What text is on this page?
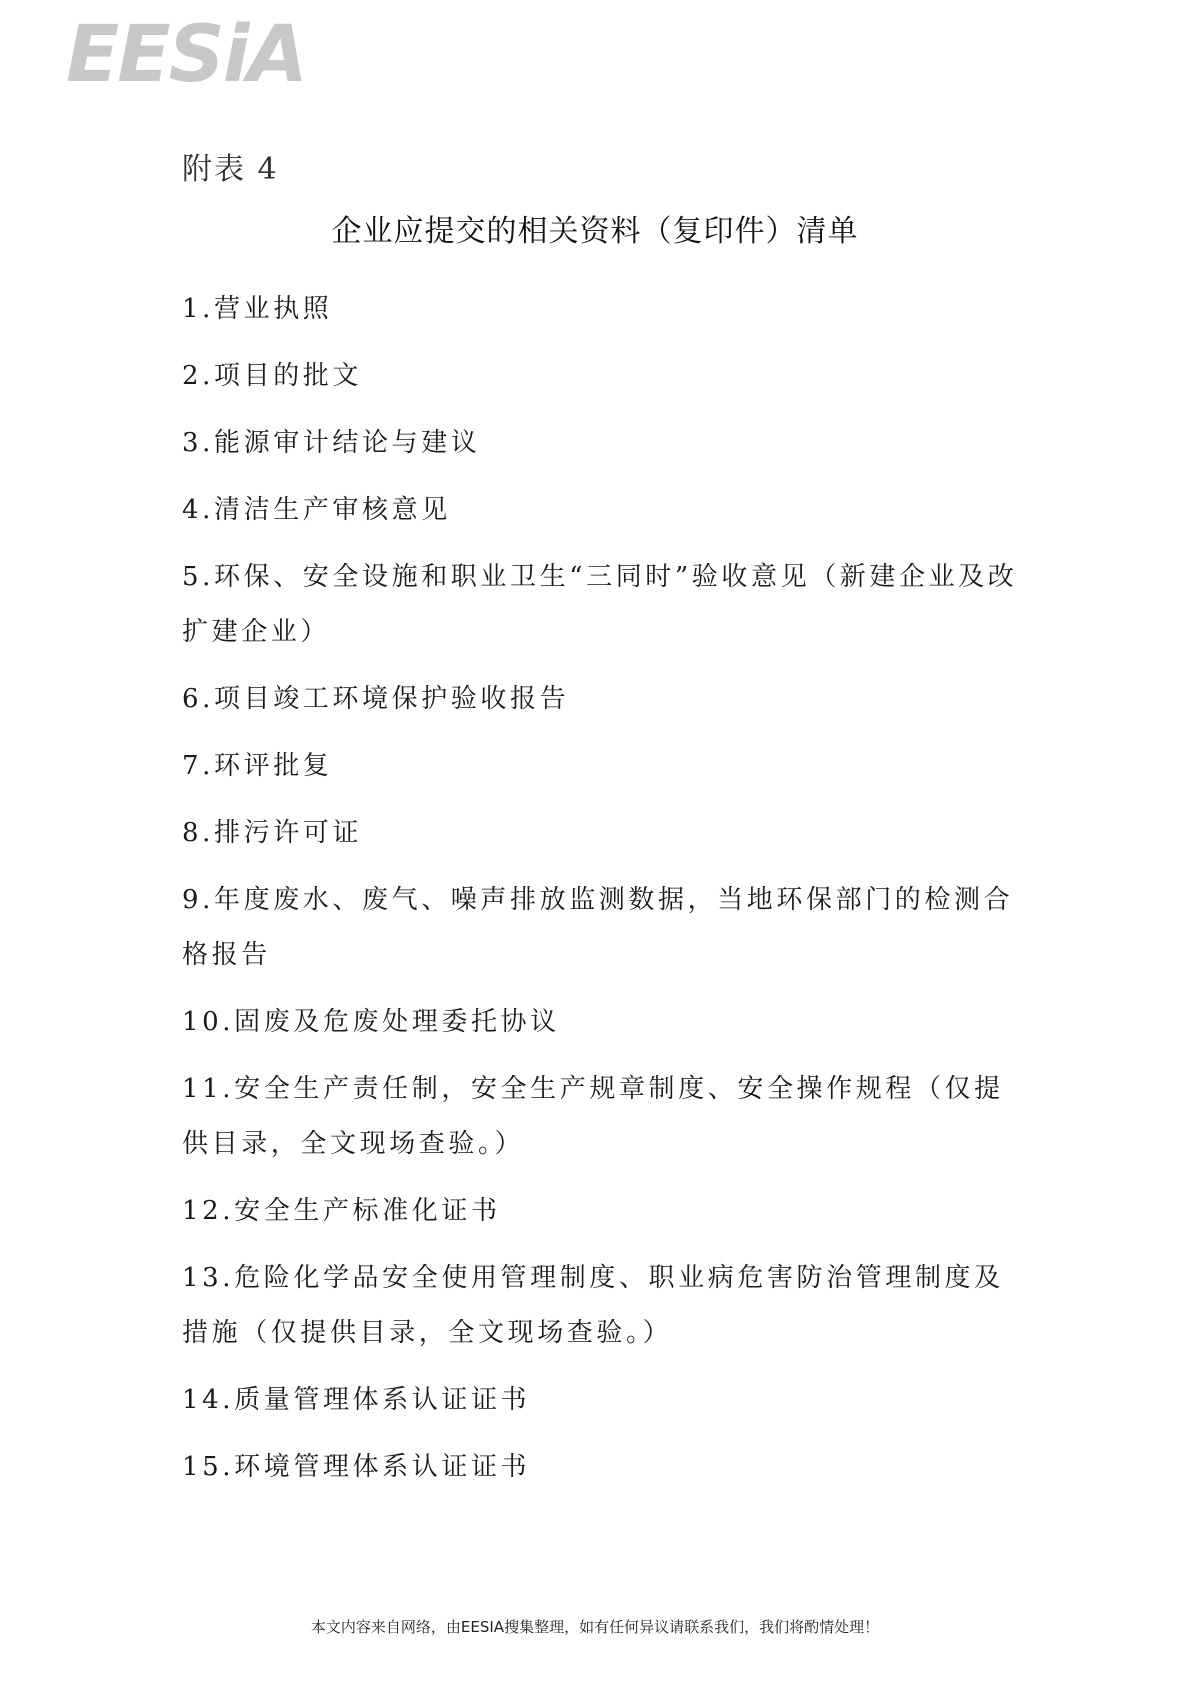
EESiA
附表 4
企业应提交的相关资料（复印件）清单
1.营业执照
2.项目的批文
3.能源审计结论与建议
4.清洁生产审核意见
5.环保、安全设施和职业卫生“三同时”验收意见（新建企业及改扩建企业）
6.项目竣工环境保护验收报告
7.环评批复
8.排污许可证
9.年度废水、废气、噪声排放监测数据，当地环保部门的检测合格报告
10.固废及危废处理委托协议
11.安全生产责任制，安全生产规章制度、安全操作规程（仅提供目录，全文现场查验。）
12.安全生产标准化证书
13.危险化学品安全使用管理制度、职业病危害防治管理制度及措施（仅提供目录，全文现场查验。）
14.质量管理体系认证证书
15.环境管理体系认证证书
本文内容来自网络，由EESIA搜集整理，如有任何异议请联系我们，我们将酌情处理！
